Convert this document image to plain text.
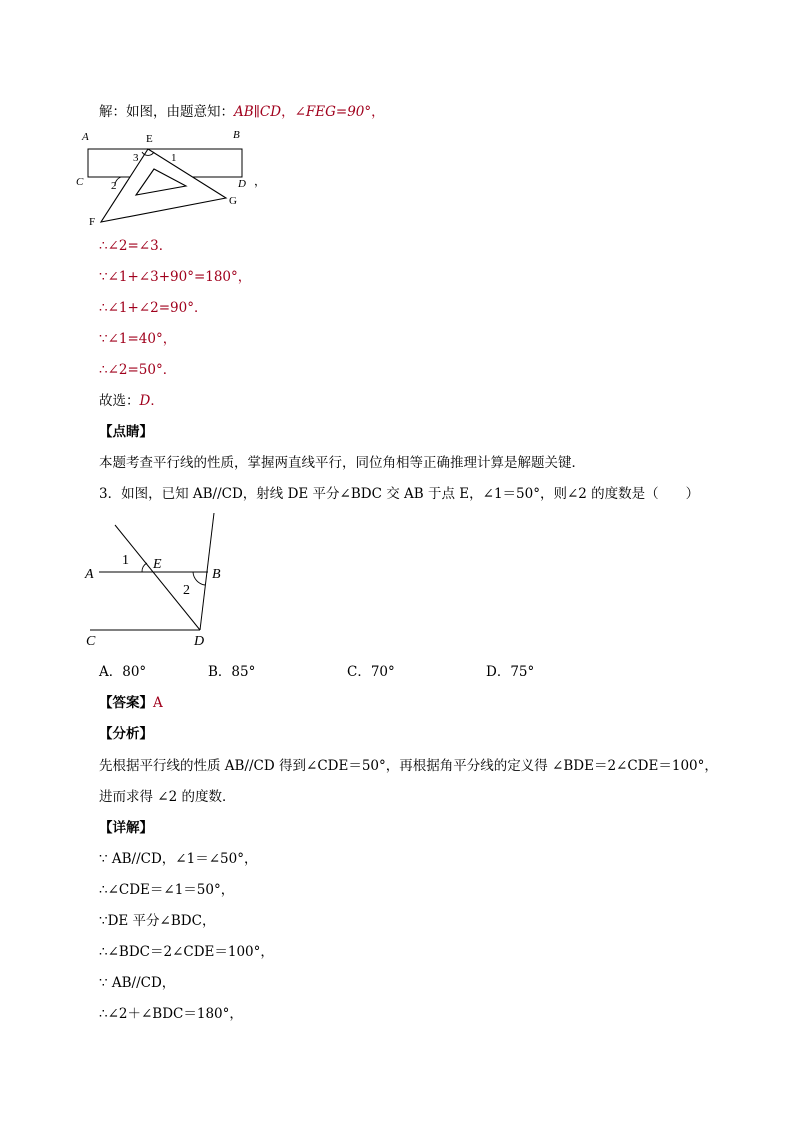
解：如图，由题意知：AB∥CD，∠FEG=90°，
A	B
C	D
E
F
G
1
2
3
，
∴∠2=∠3．
∵∠1+∠3+90°=180°，
∴∠1+∠2=90°．
∵∠1=40°，
∴∠2=50°．
故选：D．
【点睛】
本题考查平行线的性质，掌握两直线平行，同位角相等正确推理计算是解题关键．
3．如图，已知 AB//CD，射线 DE 平分∠BDC 交 AB 于点 E，∠1＝50°，则∠2 的度数是（　　）
A	B
C	D
E
1
2
A．80°	B．85°	C．70°	D．75°
【答案】A
【分析】
先根据平行线的性质 AB//CD 得到∠CDE＝50°，再根据角平分线的定义得 ∠BDE＝2∠CDE＝100°，
进而求得 ∠2 的度数．
【详解】
∵ AB//CD，∠1＝∠50°，
∴∠CDE＝∠1＝50°，
∵DE 平分∠BDC，
∴∠BDC＝2∠CDE＝100°，
∵ AB//CD，
∴∠2＋∠BDC＝180°，
